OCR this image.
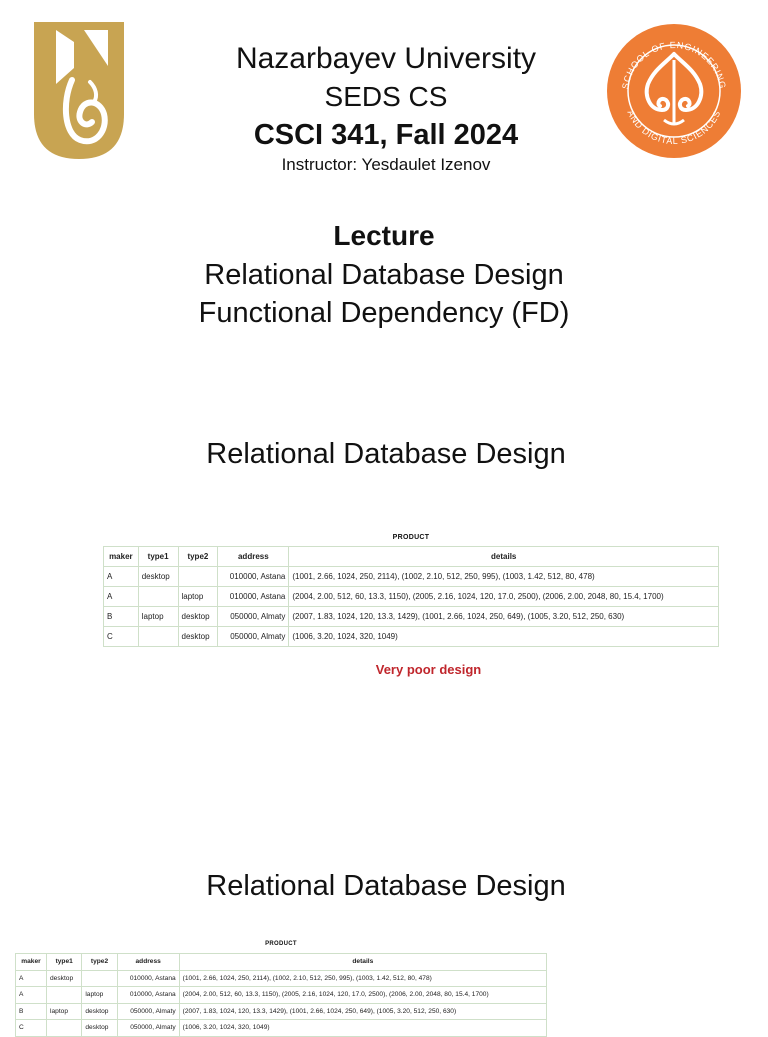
Nazarbayev University
SEDS CS
CSCI 341, Fall 2024
Instructor: Yesdaulet Izenov
SCHOOL OF ENGINEERING
AND DIGITAL SCIENCES
Lecture
Relational Database Design
Functional Dependency (FD)
Relational Database Design
PRODUCT
maker	type1	type2	address	details
A	desktop		010000, Astana	(1001, 2.66, 1024, 250, 2114), (1002, 2.10, 512, 250, 995), (1003, 1.42, 512, 80, 478)
A		laptop	010000, Astana	(2004, 2.00, 512, 60, 13.3, 1150), (2005, 2.16, 1024, 120, 17.0, 2500), (2006, 2.00, 2048, 80, 15.4, 1700)
B	laptop	desktop	050000, Almaty	(2007, 1.83, 1024, 120, 13.3, 1429), (1001, 2.66, 1024, 250, 649), (1005, 3.20, 512, 250, 630)
C		desktop	050000, Almaty	(1006, 3.20, 1024, 320, 1049)
Very poor design
Relational Database Design
PRODUCT
maker	type1	type2	address	details
A	desktop		010000, Astana	(1001, 2.66, 1024, 250, 2114), (1002, 2.10, 512, 250, 995), (1003, 1.42, 512, 80, 478)
A		laptop	010000, Astana	(2004, 2.00, 512, 60, 13.3, 1150), (2005, 2.16, 1024, 120, 17.0, 2500), (2006, 2.00, 2048, 80, 15.4, 1700)
B	laptop	desktop	050000, Almaty	(2007, 1.83, 1024, 120, 13.3, 1429), (1001, 2.66, 1024, 250, 649), (1005, 3.20, 512, 250, 630)
C		desktop	050000, Almaty	(1006, 3.20, 1024, 320, 1049)
